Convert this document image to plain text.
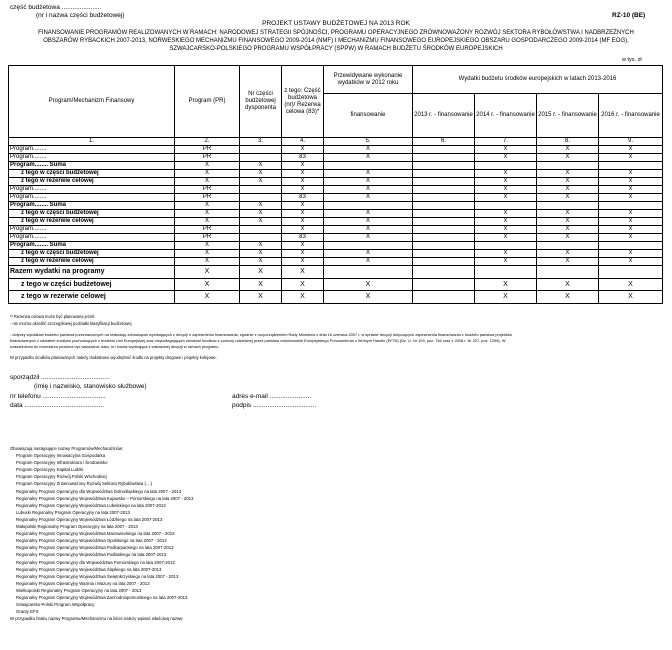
część budżetowa ......................
(nr i nazwa części budżetowej)	RZ-10 (BE)
PROJEKT USTAWY BUDŻETOWEJ NA 2013 ROK
FINANSOWANIE PROGRAMÓW REALIZOWANYCH W RAMACH: NARODOWEJ STRATEGII SPÓJNOŚCI, PROGRAMU OPERACYJNEGO ZRÓWNOWAŻONY ROZWÓJ SEKTORA RYBOŁÓWSTWA I NADBRZEŻNYCH
OBSZARÓW RYBACKICH 2007-2013, NORWESKIEGO MECHANIZMU FINANSOWEGO 2009-2014 (NMF) I MECHANIZMU FINANSOWEGO EUROPEJSKIEGO OBSZARU GOSPODARCZEGO 2009-2014 (MF EOG),
SZWAJCARSKO-POLSKIEGO PROGRAMU WSPÓŁPRACY (SPPW) W RAMACH BUDŻETU ŚRODKÓW EUROPEJSKICH
w tys. zł
Program/Mechanizm Finansowy	Program (PR)	Nr części budżetowej dysponenta	z tego: Część budżetowa (nr)/ Rezerwa celowa (83)*	Przewidywane wykonanie wydatków w 2012 roku	Wydatki budżetu środków europejskich w latach 2013-2016			
				finansowanie	2013 r. - finansowanie	2014 r. - finansowanie	2015 r. - finansowanie	2016 r. - finansowanie
1.	2.	3.	4.	5.	6.	7.	8.	9.
Program........	PR		X	X		X	X	X
Program........	PR		83	X		X	X	X
Program........ Suma	X	X	X					
z tego w części budżetowej	X	X	X	X		X	X	X
z tego w rezerwie celowej	X	X	X	X		X	X	X
Program........	PR		X	X		X	X	X
Program........	PR		83	X		X	X	X
Program........ Suma	X	X	X					
z tego w części budżetowej	X	X	X	X		X	X	X
z tego w rezerwie celowej	X	X	X	X		X	X	X
Program........	PR		X	X		X	X	X
Program........	PR		83	X		X	X	X
Program........ Suma	X	X	X					
z tego w części budżetowej	X	X	X	X		X	X	X
z tego w rezerwie celowej	X	X	X	X		X	X	X
Razem wydatki na programy	X	X	X					
z tego w części budżetowej	X	X	X	X		X	X	X
z tego w rezerwie celowej	X	X	X	X		X	X	X
*/ Rezerwa celowa może być planowana jeżeli:
- nie można określić szczegółowej podziałki klasyfikacji budżetowej
- dotyczy wydatków budżetu państwa przeznaczonych na realizację zobowiązań wynikających z decyzji o zapewnieniu finansowania, zgodnie z rozporządzeniem Rady Ministrów z dnia 16 czerwca 2007 r. w sprawie decyzji dotyczących zapewnienia finansowania z budżetu państwa projektów
finansowanych z udziałem środków pochodzących z budżetu Unii Europejskiej oraz niepodlegających zwrotowi środków z pomocy udzielanej przez państwa członkowskie Europejskiego Porozumienia o Wolnym Handlu (EFTA) (Dz. U. Nr 109, poz. 746 oraz z 2008 r. Nr 207, poz. 1296). W
uzasadnieniu do formularza powinna być wskazana: data, nr i kwota wynikająca z wskazanej decyzji w ramach programu.
W przypadku środków planowanych należy dodatkowo wyodrębnić środki na projekty drogowe i projekty kolejowe.
sporządził ......................................
(imię i nazwisko, stanowisko służbowe)
nr telefonu ...................................	adres e-mail .......................
data ............................................	podpis ...................................
Obowiązują następujące nazwy Programów/Mechanizmów:
Program Operacyjny Innowacyjna Gospodarka
Program Operacyjny Infrastruktura i Środowisko
Program Operacyjny Kapitał Ludzki
Program Operacyjny Rozwój Polski Wschodniej
Program Operacyjny Zrównoważony Rozwój Sektora Rybołówstwa (....)
Regionalny Program Operacyjny dla Województwa Dolnośląskiego na lata 2007 - 2013
Regionalny Program Operacyjny Województwa Kujawsko – Pomorskiego na lata 2007 - 2013
Regionalny Program Operacyjny Województwa Lubelskiego na lata 2007-2013
Lubuski Regionalny Program Operacyjny na lata 2007-2013
Regionalny Program Operacyjny Województwa Łódzkiego na lata 2007-2013
Małopolski Regionalny Program Operacyjny na lata 2007 - 2013
Regionalny Program Operacyjny Województwa Mazowieckiego na lata 2007 - 2013
Regionalny Program Operacyjny Województwa Opolskiego na lata 2007 - 2013
Regionalny Program Operacyjny Województwa Podkarpackiego na lata 2007-2013
Regionalny Program Operacyjny Województwa Podlaskiego na lata 2007-2013
Regionalny Program Operacyjny dla Województwa Pomorskiego na lata 2007-2013
Regionalny Program Operacyjny Województwa Śląskiego na lata 2007-2013
Regionalny Program Operacyjny Województwa Świętokrzyskiego na lata 2007 - 2013
Regionalny Program Operacyjny Warmia i Mazury na lata 2007 - 2013
Wielkopolski Regionalny Program Operacyjny na lata 2007 - 2013
Regionalny Program Operacyjny Województwa Zachodniopomorskiego na lata 2007-2013
Szwajcarsko-Polski Program Współpracy
Granty EFS
W przypadku braku nazwy Programu/Mechanizmu na liście należy wpisać właściwą nazwę
